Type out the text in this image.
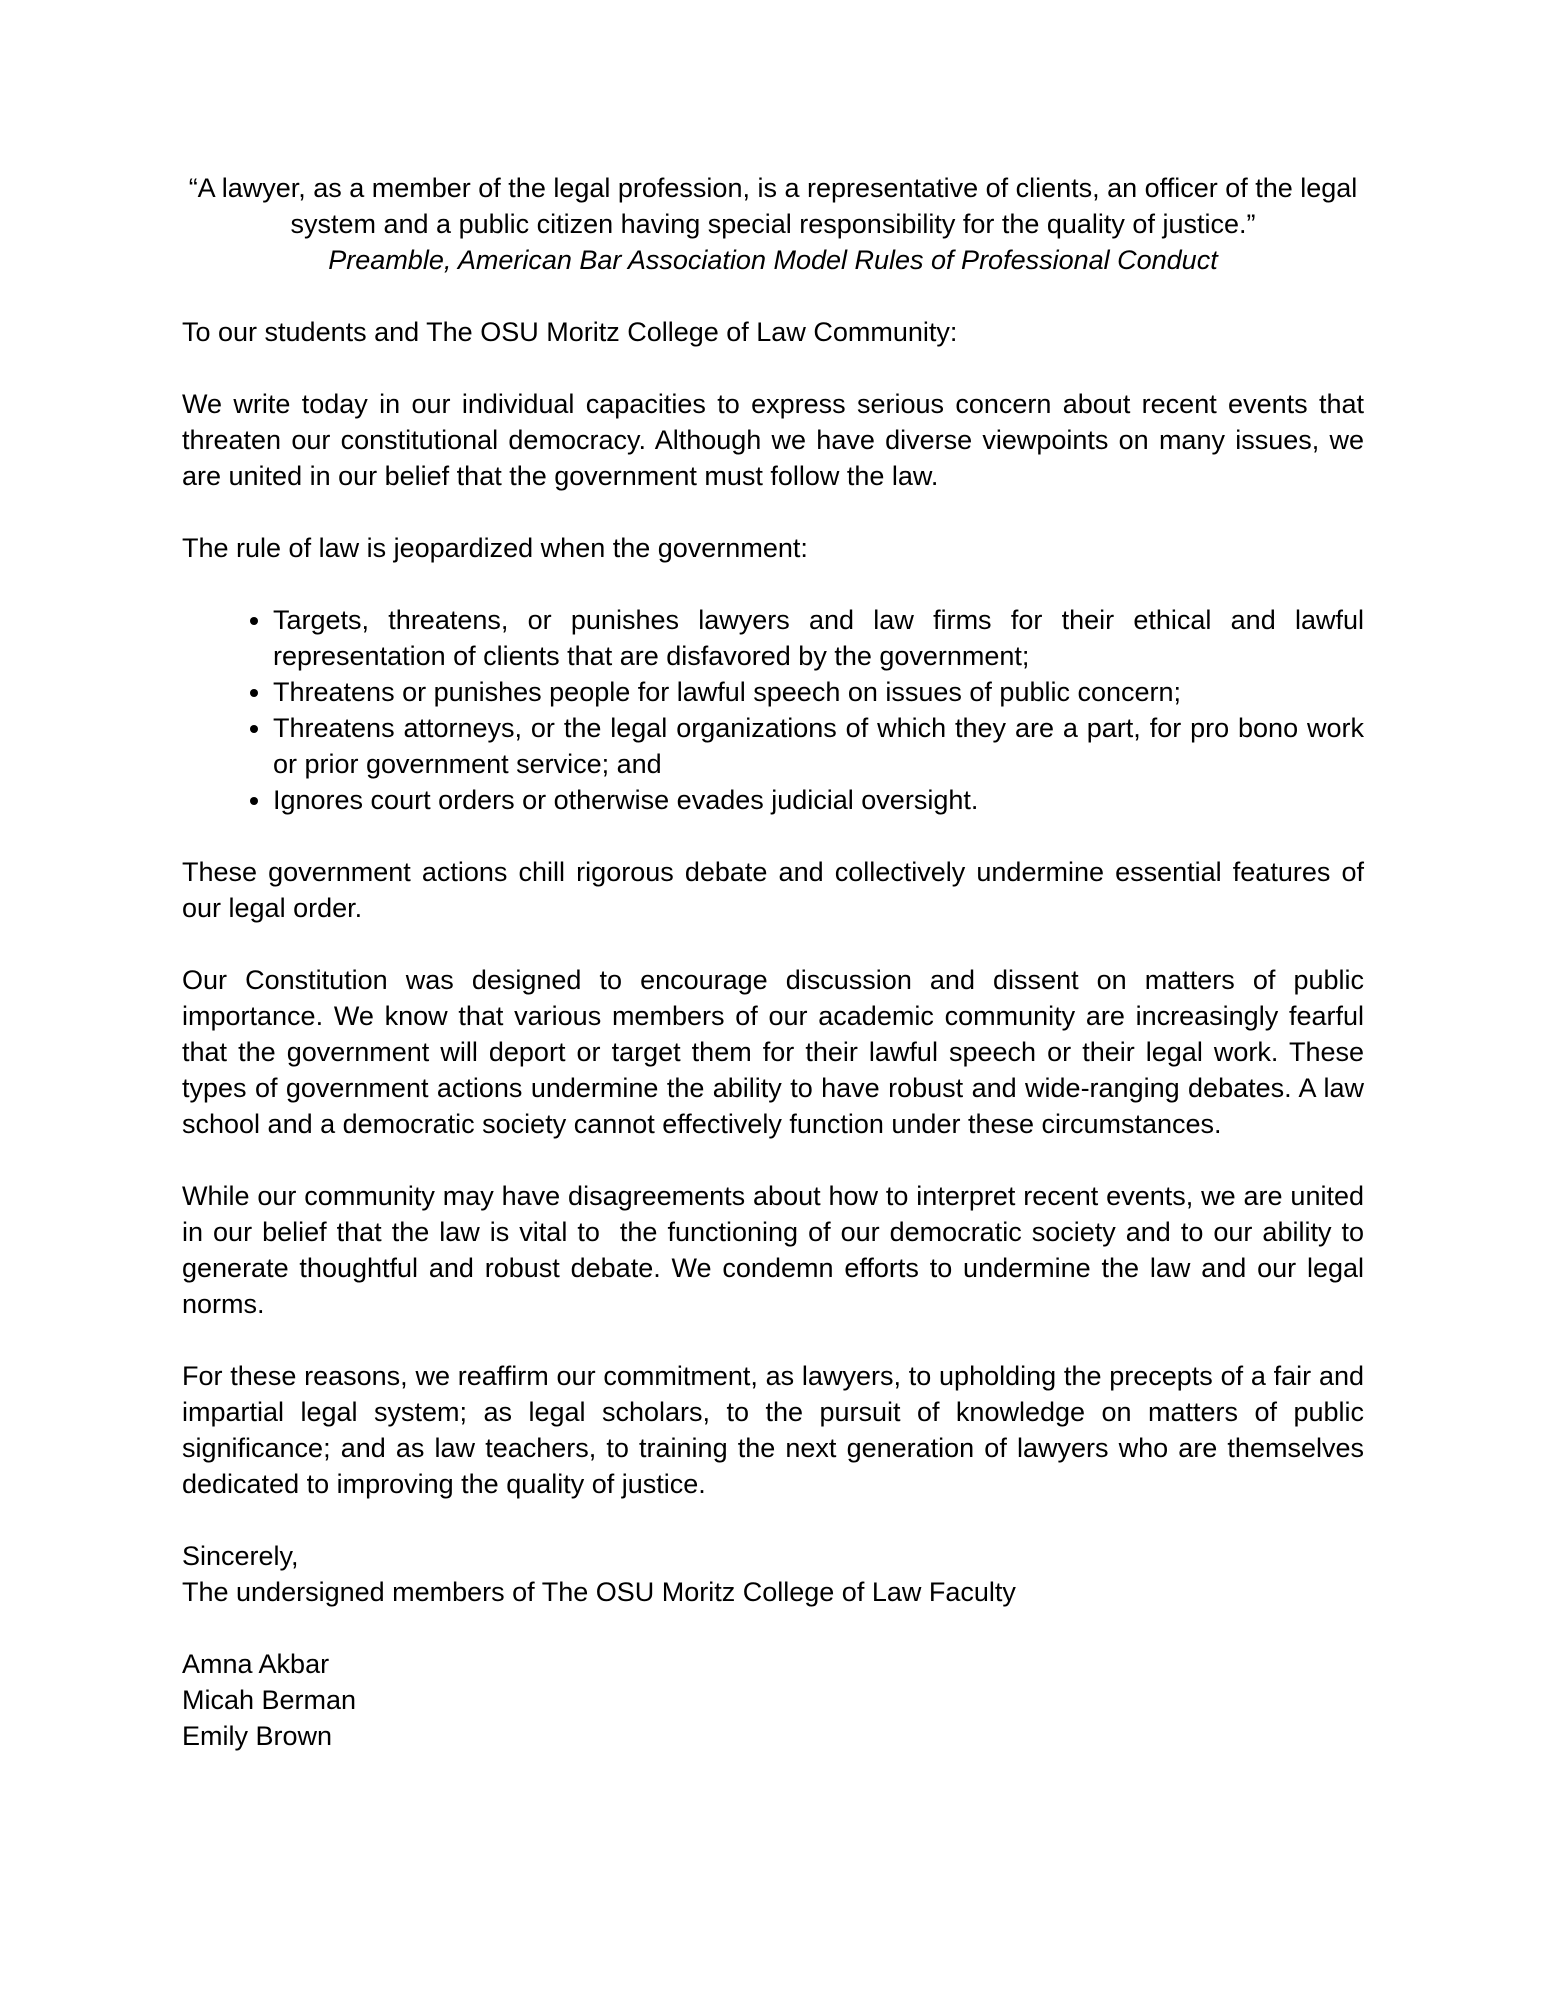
“A lawyer, as a member of the legal profession, is a representative of clients, an officer of the legal system and a public citizen having special responsibility for the quality of justice.”

Preamble, American Bar Association Model Rules of Professional Conduct

To our students and The OSU Moritz College of Law Community:

We write today in our individual capacities to express serious concern about recent events that threaten our constitutional democracy. Although we have diverse viewpoints on many issues, we are united in our belief that the government must follow the law.

The rule of law is jeopardized when the government:

• Targets, threatens, or punishes lawyers and law firms for their ethical and lawful representation of clients that are disfavored by the government;
• Threatens or punishes people for lawful speech on issues of public concern;
• Threatens attorneys, or the legal organizations of which they are a part, for pro bono work or prior government service; and
• Ignores court orders or otherwise evades judicial oversight.

These government actions chill rigorous debate and collectively undermine essential features of our legal order.

Our Constitution was designed to encourage discussion and dissent on matters of public importance. We know that various members of our academic community are increasingly fearful that the government will deport or target them for their lawful speech or their legal work. These types of government actions undermine the ability to have robust and wide-ranging debates. A law school and a democratic society cannot effectively function under these circumstances.

While our community may have disagreements about how to interpret recent events, we are united in our belief that the law is vital to  the functioning of our democratic society and to our ability to generate thoughtful and robust debate. We condemn efforts to undermine the law and our legal norms.

For these reasons, we reaffirm our commitment, as lawyers, to upholding the precepts of a fair and impartial legal system; as legal scholars, to the pursuit of knowledge on matters of public significance; and as law teachers, to training the next generation of lawyers who are themselves dedicated to improving the quality of justice.

Sincerely,

The undersigned members of The OSU Moritz College of Law Faculty

Amna Akbar

Micah Berman

Emily Brown
